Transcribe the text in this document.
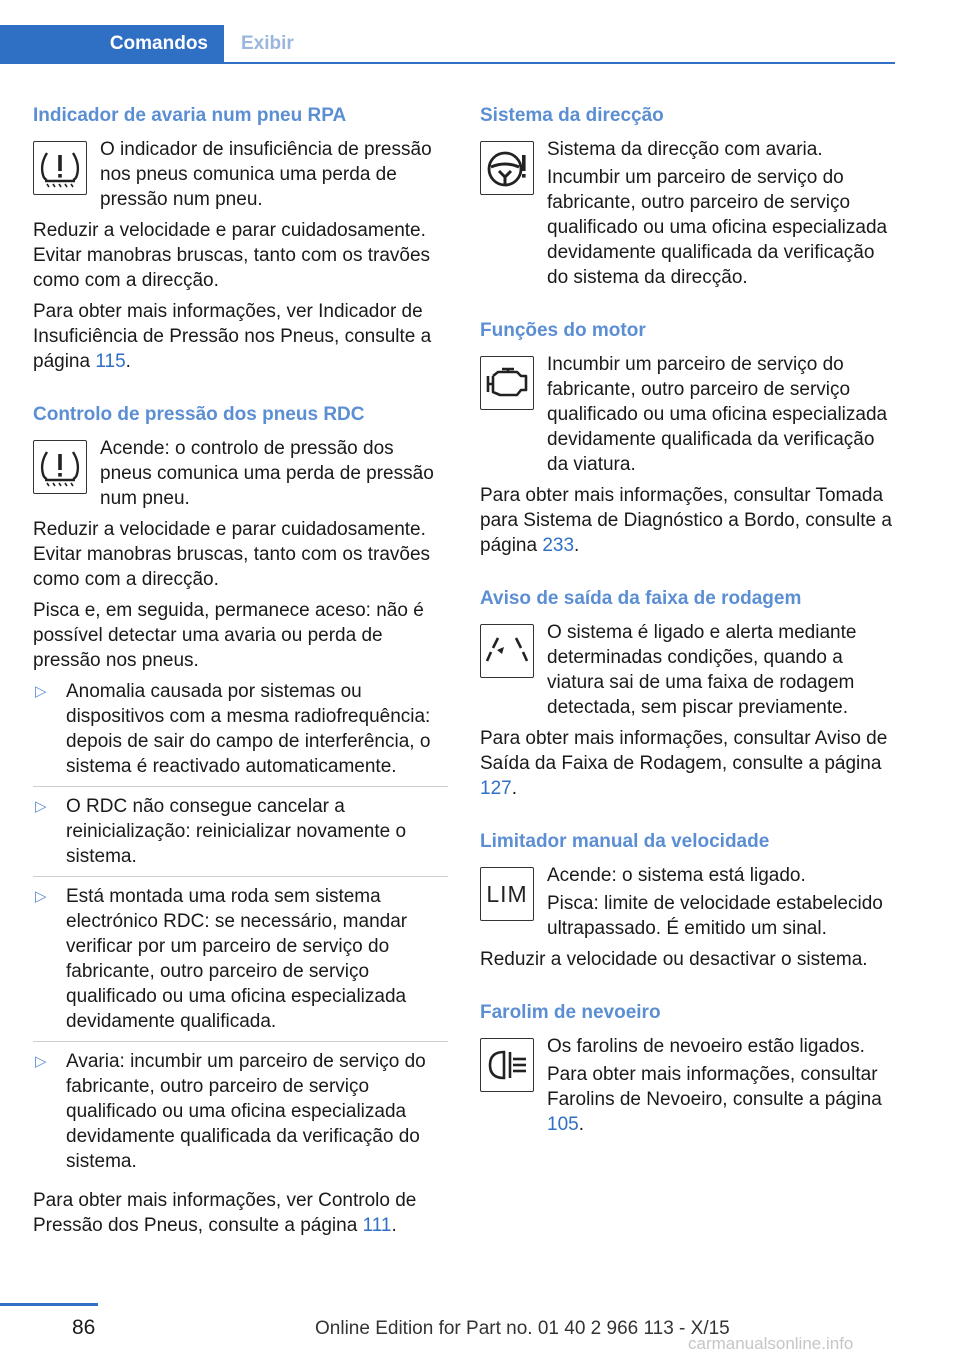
Comandos	Exibir
Indicador de avaria num pneu RPA

O indicador de insuficiência de pressão nos pneus comunica uma perda de pressão num pneu.

Reduzir a velocidade e parar cuidadosamente. Evitar manobras bruscas, tanto com os travões como com a direcção.

Para obter mais informações, ver Indicador de Insuficiência de Pressão nos Pneus, consulte a página 115.

Controlo de pressão dos pneus RDC

Acende: o controlo de pressão dos pneus comunica uma perda de pressão num pneu.

Reduzir a velocidade e parar cuidadosamente. Evitar manobras bruscas, tanto com os travões como com a direcção.

Pisca e, em seguida, permanece aceso: não é possível detectar uma avaria ou perda de pressão nos pneus.

▷ Anomalia causada por sistemas ou dispositivos com a mesma radiofrequência: depois de sair do campo de interferência, o sistema é reactivado automaticamente.
▷ O RDC não consegue cancelar a reinicialização: reinicializar novamente o sistema.
▷ Está montada uma roda sem sistema electrónico RDC: se necessário, mandar verificar por um parceiro de serviço do fabricante, outro parceiro de serviço qualificado ou uma oficina especializada devidamente qualificada.
▷ Avaria: incumbir um parceiro de serviço do fabricante, outro parceiro de serviço qualificado ou uma oficina especializada devidamente qualificada da verificação do sistema.

Para obter mais informações, ver Controlo de Pressão dos Pneus, consulte a página 111.

Sistema da direcção

Sistema da direcção com avaria.

Incumbir um parceiro de serviço do fabricante, outro parceiro de serviço qualificado ou uma oficina especializada devidamente qualificada da verificação do sistema da direcção.

Funções do motor

Incumbir um parceiro de serviço do fabricante, outro parceiro de serviço qualificado ou uma oficina especializada devidamente qualificada da verificação da viatura.

Para obter mais informações, consultar Tomada para Sistema de Diagnóstico a Bordo, consulte a página 233.

Aviso de saída da faixa de rodagem

O sistema é ligado e alerta mediante determinadas condições, quando a viatura sai de uma faixa de rodagem detectada, sem piscar previamente.

Para obter mais informações, consultar Aviso de Saída da Faixa de Rodagem, consulte a página 127.

Limitador manual da velocidade
LIM

Acende: o sistema está ligado.

Pisca: limite de velocidade estabelecido ultrapassado. É emitido um sinal.

Reduzir a velocidade ou desactivar o sistema.

Farolim de nevoeiro

Os farolins de nevoeiro estão ligados.

Para obter mais informações, consultar Farolins de Nevoeiro, consulte a página 105.

86	Online Edition for Part no. 01 40 2 966 113 - X/15
carmanualsonline.info
